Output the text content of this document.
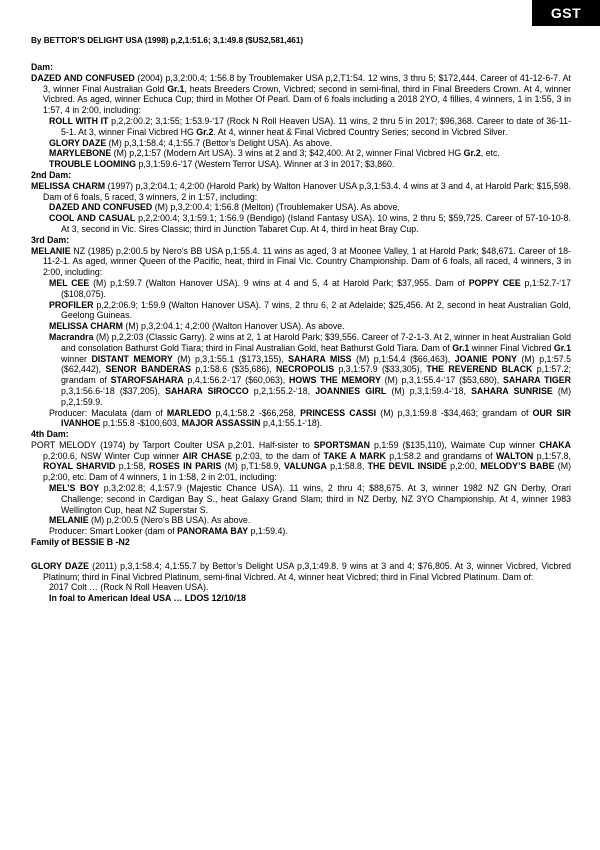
GST

By BETTOR’S DELIGHT USA (1998) p,2,1:51.6; 3,1:49.8 ($US2,581,461)

Dam:

DAZED AND CONFUSED (2004) p,3,2:00.4; 1:56.8 by Troublemaker USA p,2,T1:54. 12 wins, 3 thru 5; $172,444. Career of 41-12-6-7. At 3, winner Final Australian Gold Gr.1, heats Breeders Crown, Vicbred; second in semi-final, third in Final Breeders Crown. At 4, winner Vicbred. As aged, winner Echuca Cup; third in Mother Of Pearl. Dam of 6 foals including a 2018 2YO, 4 fillies, 4 winners, 1 in 1:55, 3 in 1:57, 4 in 2:00, including:

ROLL WITH IT p,2,2:00.2; 3,1:55; 1:53.9-‘17 (Rock N Roll Heaven USA). 11 wins, 2 thru 5 in 2017; $96,368. Career to date of 36-11-5-1. At 3, winner Final Vicbred HG Gr.2. At 4, winner heat & Final Vicbred Country Series; second in Vicbred Silver.

GLORY DAZE (M) p,3,1:58.4; 4,1:55.7 (Bettor’s Delight USA). As above.

MARYLEBONE (M) p,2,1:57 (Modern Art USA). 3 wins at 2 and 3; $42,400. At 2, winner Final Vicbred HG Gr.2, etc.

TROUBLE LOOMING p,3,1:59.6-‘17 (Western Terror USA). Winner at 3 in 2017; $3,860.

2nd Dam:

MELISSA CHARM (1997) p,3,2:04.1; 4,2:00 (Harold Park) by Walton Hanover USA p,3,1:53.4. 4 wins at 3 and 4, at Harold Park; $15,598. Dam of 6 foals, 5 raced, 3 winners, 2 in 1:57, including:

DAZED AND CONFUSED (M) p,3,2:00.4; 1:56.8 (Melton) (Troublemaker USA). As above.

COOL AND CASUAL p,2,2:00.4; 3,1:59.1; 1:56.9 (Bendigo) (Island Fantasy USA). 10 wins, 2 thru 5; $59,725. Career of 57-10-10-8. At 3, second in Vic. Sires Classic; third in Junction Tabaret Cup. At 4, third in heat Bray Cup.

3rd Dam:

MELANIE NZ (1985) p,2:00.5 by Nero’s BB USA p,1:55.4. 11 wins as aged, 3 at Moonee Valley, 1 at Harold Park; $48,671. Career of 18-11-2-1. As aged, winner Queen of the Pacific, heat, third in Final Vic. Country Championship. Dam of 6 foals, all raced, 4 winners, 3 in 2:00, including:

MEL CEE (M) p,1:59.7 (Walton Hanover USA). 9 wins at 4 and 5, 4 at Harold Park; $37,955. Dam of POPPY CEE p,1:52.7-‘17 ($108,075).

PROFILER p,2,2:06.9; 1:59.9 (Walton Hanover USA). 7 wins, 2 thru 6, 2 at Adelaide; $25,456. At 2, second in heat Australian Gold, Geelong Guineas.

MELISSA CHARM (M) p,3,2:04.1; 4,2:00 (Walton Hanover USA). As above.

Macrandra (M) p,2,2:03 (Classic Garry). 2 wins at 2, 1 at Harold Park; $39,556. Career of 7-2-1-3. At 2, winner in heat Australian Gold and consolation Bathurst Gold Tiara; third in Final Australian Gold, heat Bathurst Gold Tiara. Dam of Gr.1 winner Final Vicbred Gr.1 winner DISTANT MEMORY (M) p,3,1:55.1 ($173,155), SAHARA MISS (M) p,1:54.4 ($66,463), JOANIE PONY (M) p,1:57.5 ($62,442), SENOR BANDERAS p,1:58.6 ($35,686), NECROPOLIS p,3,1:57.9 ($33,305), THE REVEREND BLACK p,1:57.2; grandam of STAROFSAHARA p,4,1:56.2-‘17 ($60,063), HOWS THE MEMORY (M) p,3,1:55.4-‘17 ($53,680), SAHARA TIGER p,3,1:56.6-‘18 ($37,205), SAHARA SIROCCO p,2,1:55.2-‘18, JOANNIES GIRL (M) p,3,1:59.4-‘18, SAHARA SUNRISE (M) p,2,1:59.9.

Producer: Maculata (dam of MARLEDO p,4,1:58.2 -$66,258, PRINCESS CASSI (M) p,3,1:59.8 -$34,463; grandam of OUR SIR IVANHOE p,1:55.8 -$100,603, MAJOR ASSASSIN p,4,1:55.1-‘18).

4th Dam:

PORT MELODY (1974) by Tarport Coulter USA p,2:01. Half-sister to SPORTSMAN p,1:59 ($135,110), Waimate Cup winner CHAKA p,2:00.6, NSW Winter Cup winner AIR CHASE p,2:03, to the dam of TAKE A MARK p,1:58.2 and grandams of WALTON p,1:57.8, ROYAL SHARVID p,1:58, ROSES IN PARIS (M) p,T1:58.9, VALUNGA p,1:58.8, THE DEVIL INSIDE p,2:00, MELODY’S BABE (M) p,2:00, etc. Dam of 4 winners, 1 in 1:58, 2 in 2:01, including:

MEL’S BOY p,3,2:02.8; 4,1:57.9 (Majestic Chance USA). 11 wins, 2 thru 4; $88,675. At 3, winner 1982 NZ GN Derby, Orari Challenge; second in Cardigan Bay S., heat Galaxy Grand Slam; third in NZ Derby, NZ 3YO Championship. At 4, winner 1983 Wellington Cup, heat NZ Superstar S.

MELANIE (M) p,2:00.5 (Nero’s BB USA). As above.

Producer: Smart Looker (dam of PANORAMA BAY p,1:59.4).

Family of BESSIE B -N2

GLORY DAZE (2011) p,3,1:58.4; 4,1:55.7 by Bettor’s Delight USA p,3,1:49.8. 9 wins at 3 and 4; $76,805. At 3, winner Vicbred, Vicbred Platinum; third in Final Vicbred Platinum, semi-final Vicbred. At 4, winner heat Vicbred; third in Final Vicbred Platinum. Dam of:

2017 Colt … (Rock N Roll Heaven USA).

In foal to American Ideal USA … LDOS 12/10/18
